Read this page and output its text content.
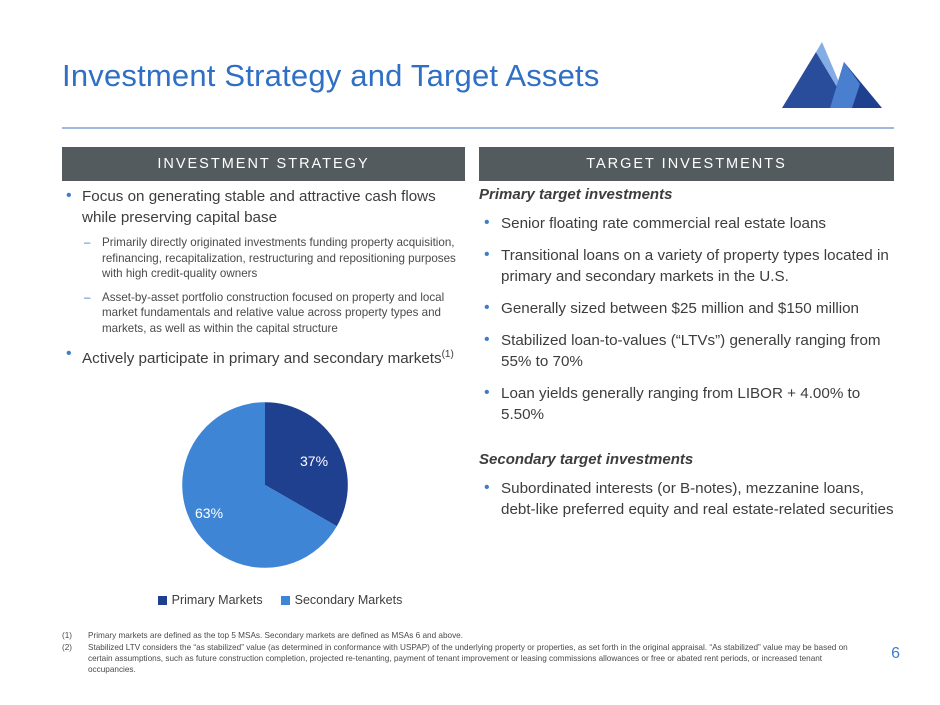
Investment Strategy and Target Assets
INVESTMENT STRATEGY	TARGET INVESTMENTS
• Focus on generating stable and attractive cash flows while preserving capital base
– Primarily directly originated investments funding property acquisition, refinancing, recapitalization, restructuring and repositioning purposes with high credit-quality owners
– Asset-by-asset portfolio construction focused on property and local market fundamentals and relative value across property types and markets, as well as within the capital structure
• Actively participate in primary and secondary markets$^{(1)}$
37%
63%
Primary Markets	Secondary Markets
Primary target investments
• Senior floating rate commercial real estate loans
• Transitional loans on a variety of property types located in primary and secondary markets in the U.S.
• Generally sized between $25 million and $150 million
• Stabilized loan-to-values (“LTVs”) generally ranging from 55% to 70%
• Loan yields generally ranging from LIBOR + 4.00% to 5.50%
Secondary target investments
• Subordinated interests (or B-notes), mezzanine loans, debt-like preferred equity and real estate-related securities
(1)	Primary markets are defined as the top 5 MSAs. Secondary markets are defined as MSAs 6 and above.
(2)	Stabilized LTV considers the “as stabilized” value (as determined in conformance with USPAP) of the underlying property or properties, as set forth in the original appraisal. “As stabilized” value may be based on certain assumptions, such as future construction completion, projected re-tenanting, payment of tenant improvement or leasing commissions allowances or free or abated rent periods, or increased tenant occupancies.
6
